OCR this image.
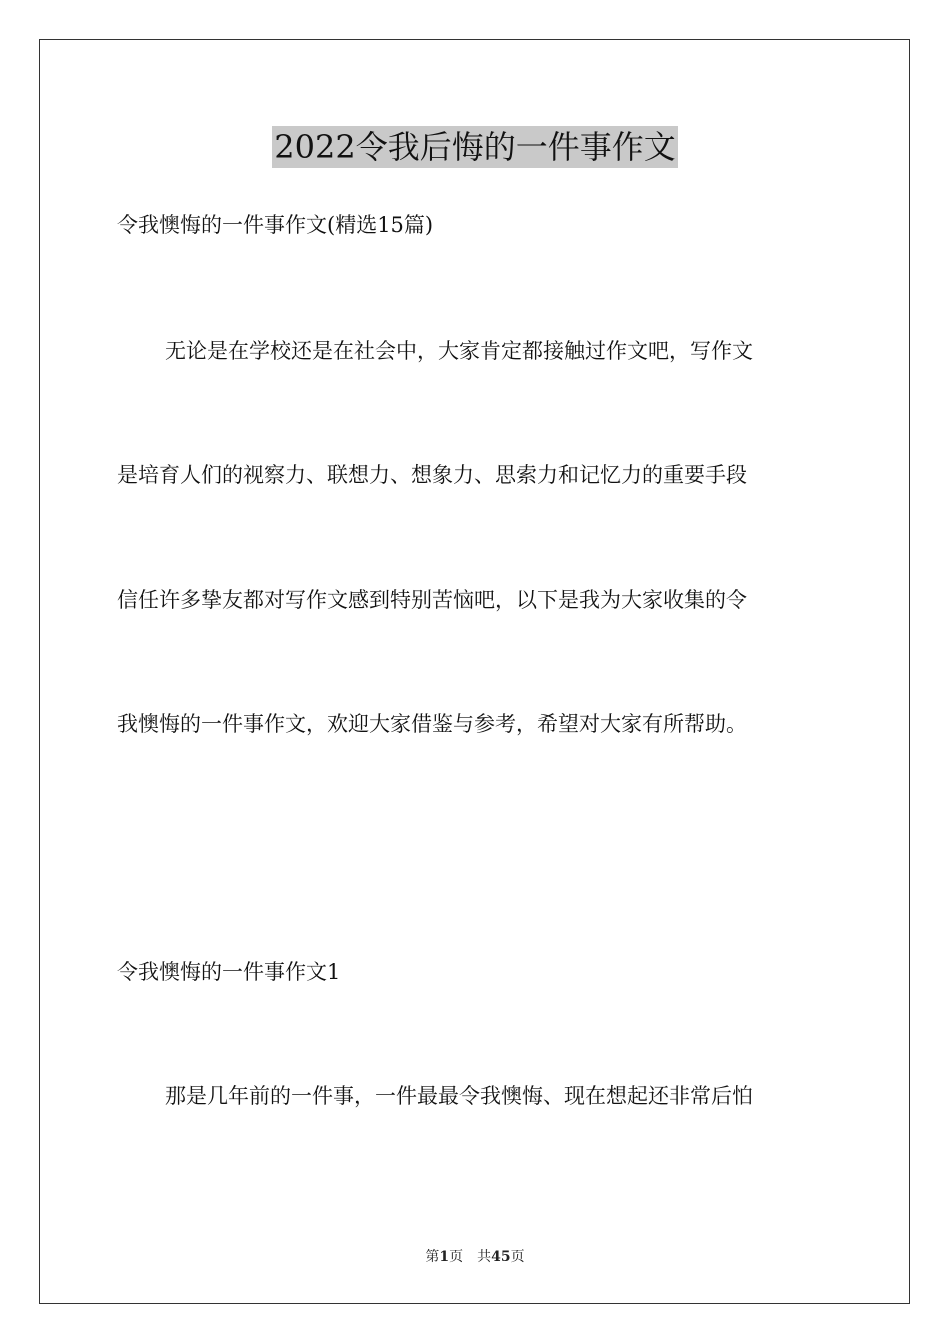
2022令我后悔的一件事作文
令我懊悔的一件事作文(精选15篇)
无论是在学校还是在社会中，大家肯定都接触过作文吧，写作文
是培育人们的视察力、联想力、想象力、思索力和记忆力的重要手段
信任许多挚友都对写作文感到特别苦恼吧，以下是我为大家收集的令
我懊悔的一件事作文，欢迎大家借鉴与参考，希望对大家有所帮助。
令我懊悔的一件事作文1
那是几年前的一件事，一件最最令我懊悔、现在想起还非常后怕
第1页 共45页
